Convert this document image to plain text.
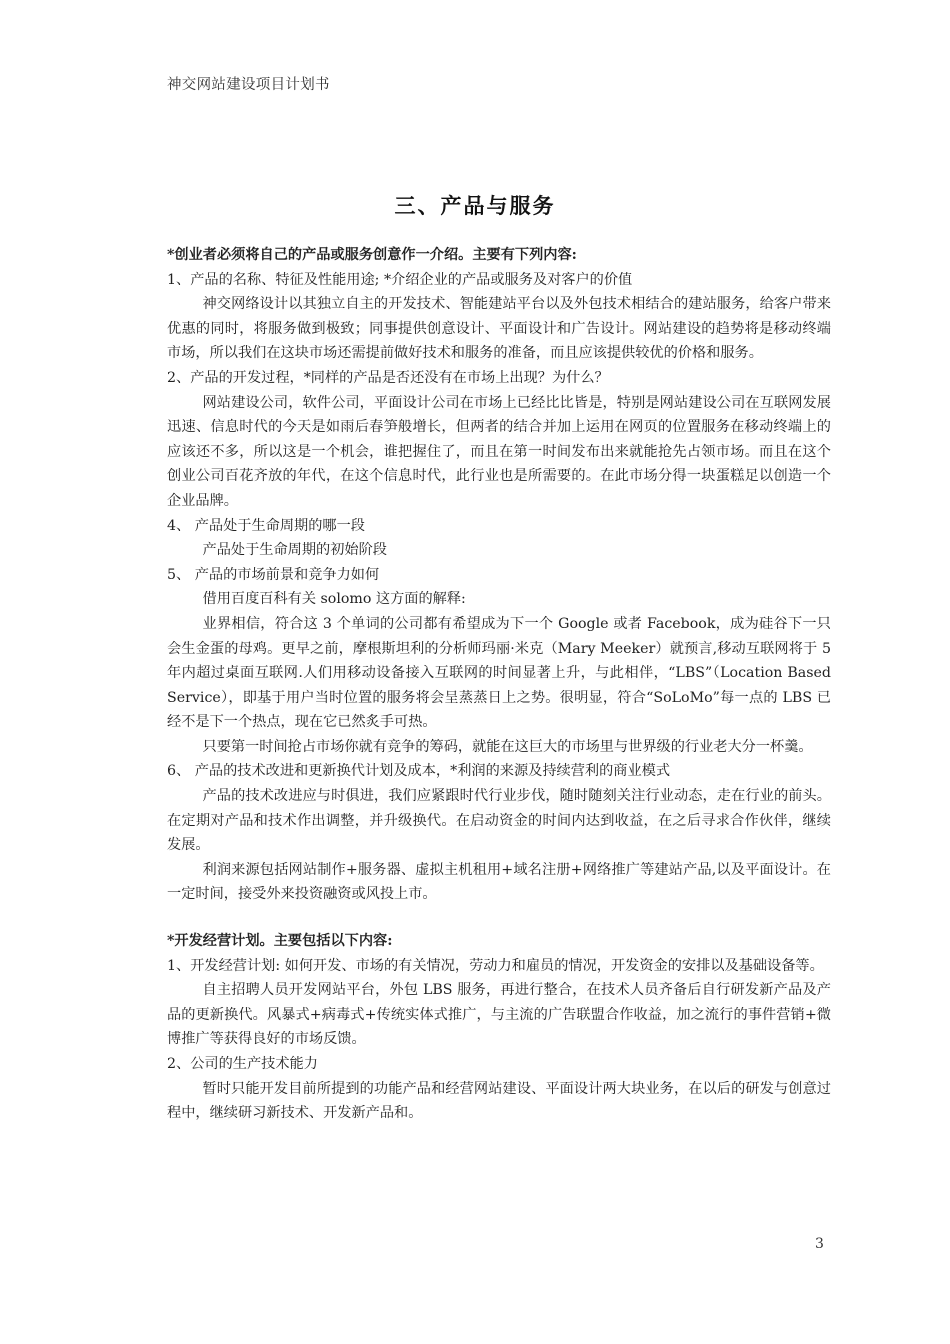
神交网站建设项目计划书
三、产品与服务

*创业者必须将自己的产品或服务创意作一介绍。主要有下列内容:

1、产品的名称、特征及性能用途; *介绍企业的产品或服务及对客户的价值

神交网络设计以其独立自主的开发技术、智能建站平台以及外包技术相结合的建站服务，给客户带来优惠的同时，将服务做到极致；同事提供创意设计、平面设计和广告设计。网站建设的趋势将是移动终端市场，所以我们在这块市场还需提前做好技术和服务的准备，而且应该提供较优的价格和服务。

2、产品的开发过程，*同样的产品是否还没有在市场上出现？为什么？

网站建设公司，软件公司，平面设计公司在市场上已经比比皆是，特别是网站建设公司在互联网发展迅速、信息时代的今天是如雨后春笋般增长，但两者的结合并加上运用在网页的位置服务在移动终端上的应该还不多，所以这是一个机会，谁把握住了，而且在第一时间发布出来就能抢先占领市场。而且在这个创业公司百花齐放的年代，在这个信息时代，此行业也是所需要的。在此市场分得一块蛋糕足以创造一个企业品牌。

4、 产品处于生命周期的哪一段

产品处于生命周期的初始阶段

5、 产品的市场前景和竞争力如何

借用百度百科有关 solomo 这方面的解释:

业界相信，符合这 3 个单词的公司都有希望成为下一个 Google 或者 Facebook，成为硅谷下一只会生金蛋的母鸡。更早之前，摩根斯坦利的分析师玛丽·米克（Mary Meeker）就预言,移动互联网将于 5 年内超过桌面互联网.人们用移动设备接入互联网的时间显著上升，与此相伴，“LBS”（Location Based Service），即基于用户当时位置的服务将会呈蒸蒸日上之势。很明显，符合“SoLoMo”每一点的 LBS 已经不是下一个热点，现在它已然炙手可热。

只要第一时间抢占市场你就有竞争的筹码，就能在这巨大的市场里与世界级的行业老大分一杯羹。

6、 产品的技术改进和更新换代计划及成本，*利润的来源及持续营利的商业模式

产品的技术改进应与时俱进，我们应紧跟时代行业步伐，随时随刻关注行业动态，走在行业的前头。在定期对产品和技术作出调整，并升级换代。在启动资金的时间内达到收益，在之后寻求合作伙伴，继续发展。

利润来源包括网站制作+服务器、虚拟主机租用+域名注册+网络推广等建站产品,以及平面设计。在一定时间，接受外来投资融资或风投上市。

*开发经营计划。主要包括以下内容:

1、开发经营计划: 如何开发、市场的有关情况，劳动力和雇员的情况，开发资金的安排以及基础设备等。

自主招聘人员开发网站平台，外包 LBS 服务，再进行整合，在技术人员齐备后自行研发新产品及产品的更新换代。风暴式+病毒式+传统实体式推广，与主流的广告联盟合作收益，加之流行的事件营销+微博推广等获得良好的市场反馈。

2、公司的生产技术能力

暂时只能开发目前所提到的功能产品和经营网站建设、平面设计两大块业务，在以后的研发与创意过程中，继续研习新技术、开发新产品和。

3
